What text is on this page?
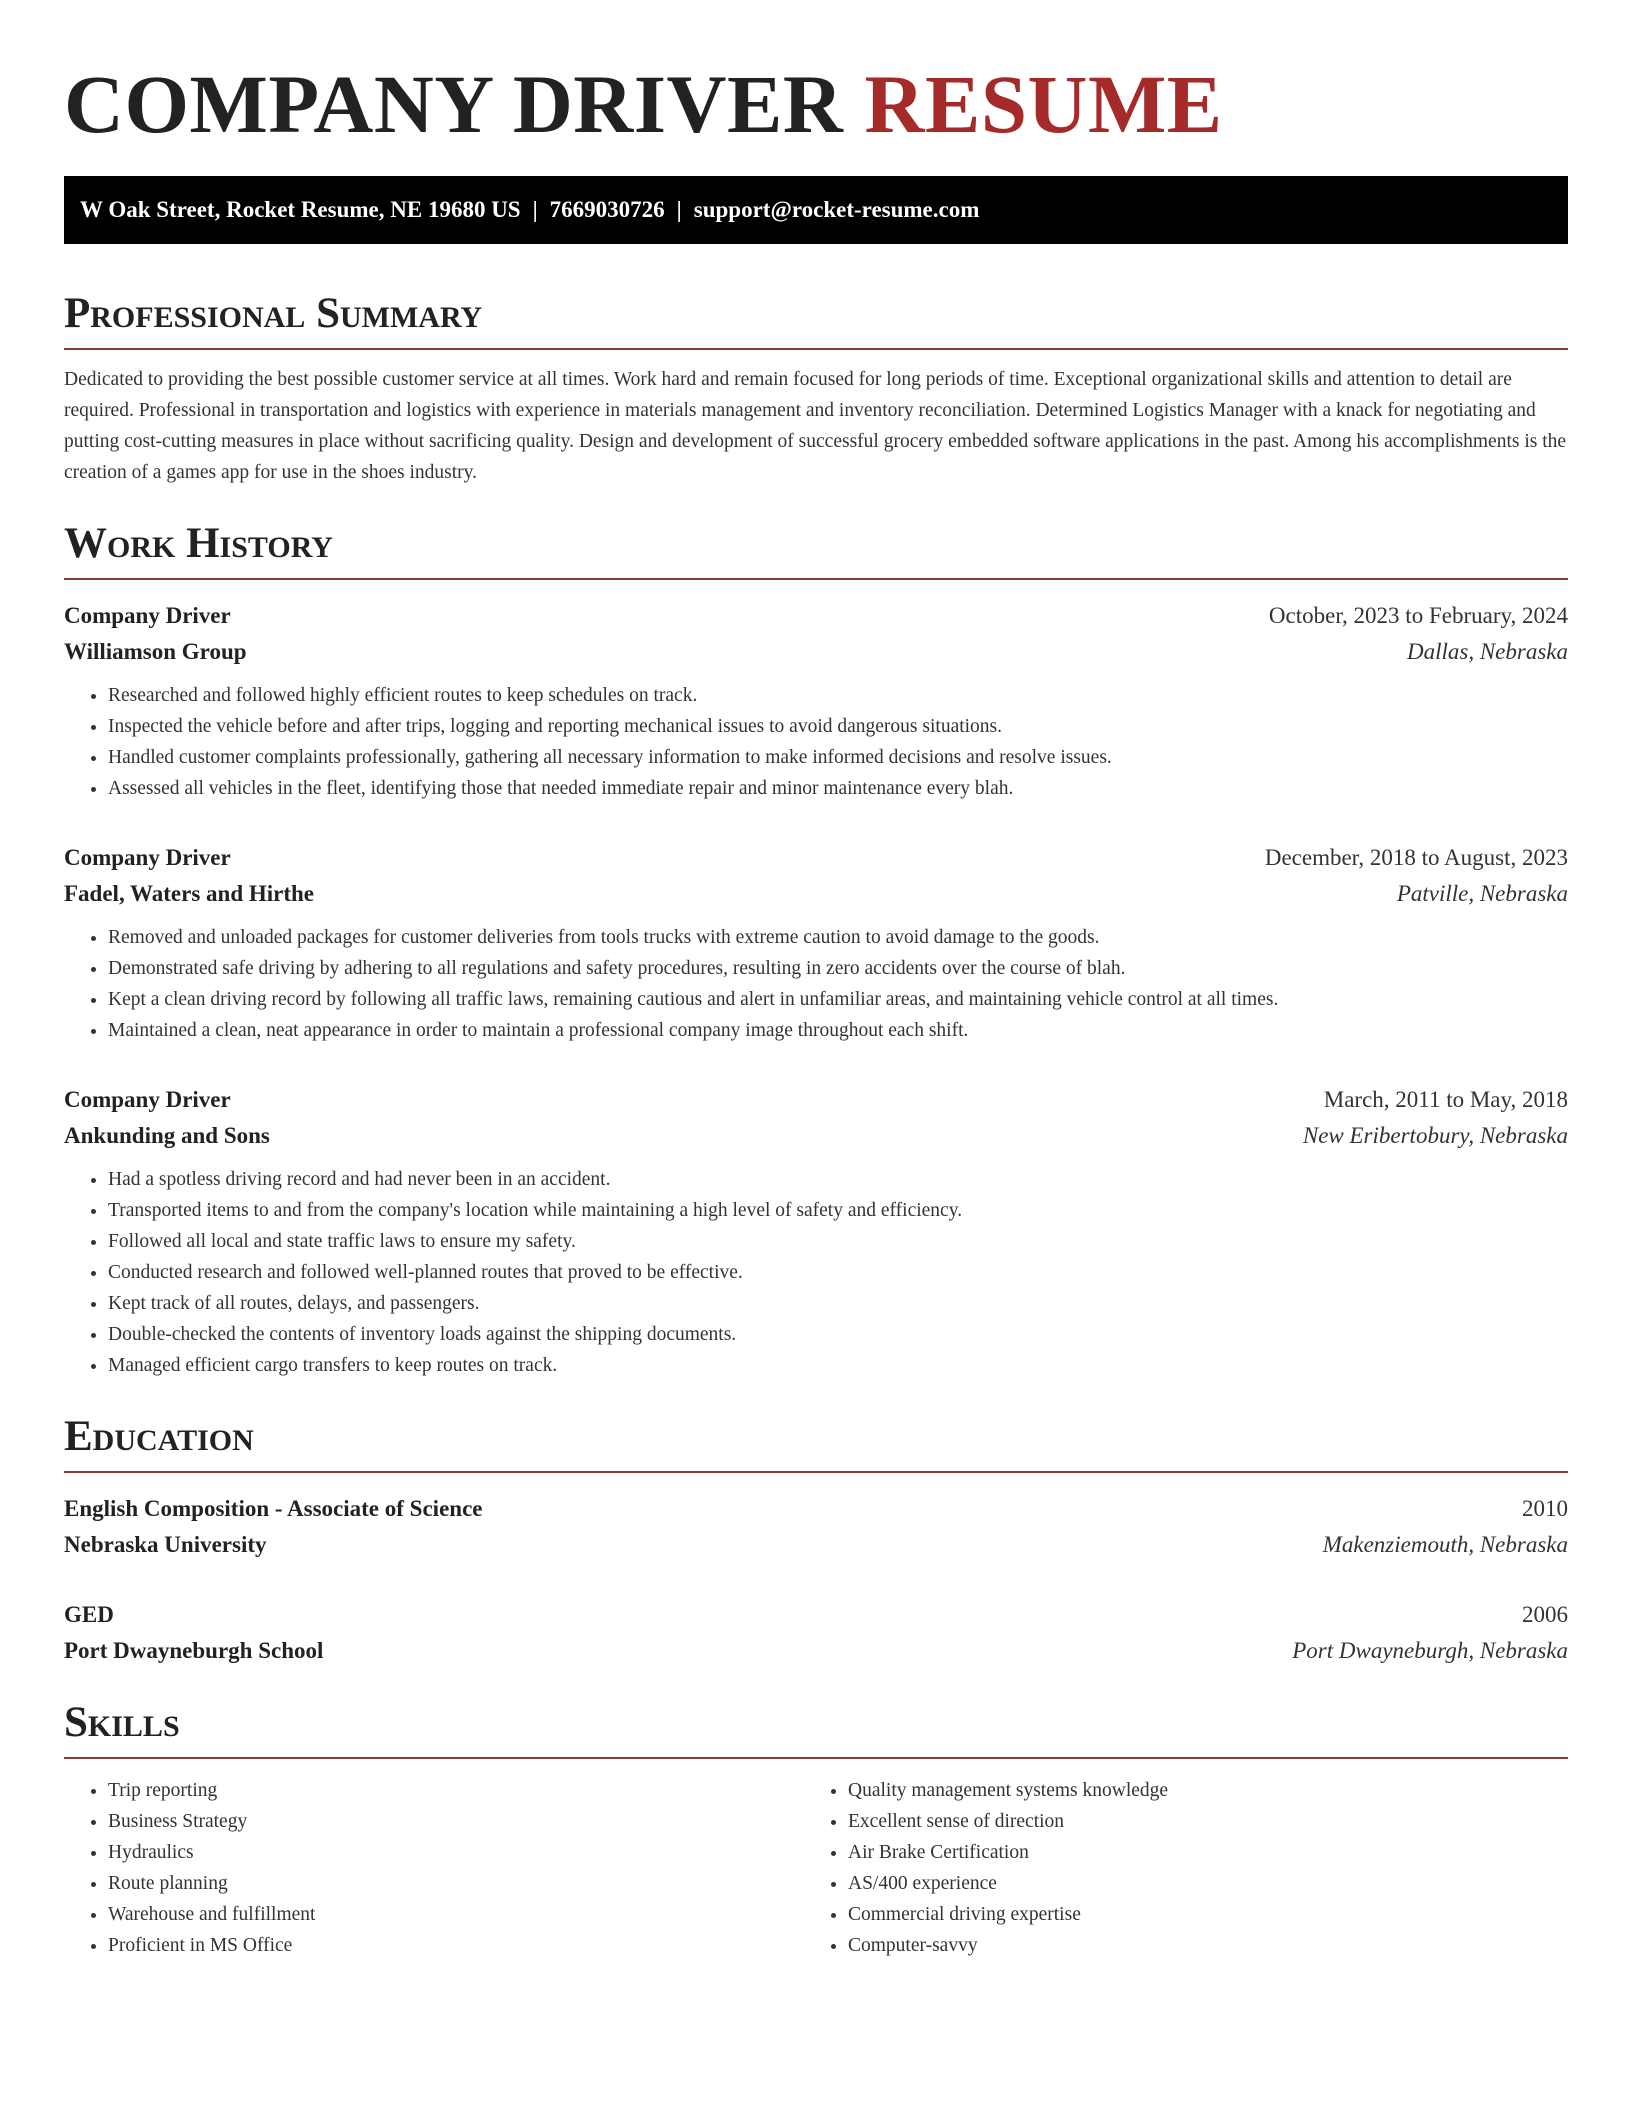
COMPANY DRIVER RESUME
W Oak Street, Rocket Resume, NE 19680 US | 7669030726 | support@rocket-resume.com
Professional Summary

Dedicated to providing the best possible customer service at all times. Work hard and remain focused for long periods of time. Exceptional organizational skills and attention to detail are required. Professional in transportation and logistics with experience in materials management and inventory reconciliation. Determined Logistics Manager with a knack for negotiating and putting cost-cutting measures in place without sacrificing quality. Design and development of successful grocery embedded software applications in the past. Among his accomplishments is the creation of a games app for use in the shoes industry.

Work History
Company Driver	October, 2023 to February, 2024
Williamson Group	Dallas, Nebraska
• Researched and followed highly efficient routes to keep schedules on track.
• Inspected the vehicle before and after trips, logging and reporting mechanical issues to avoid dangerous situations.
• Handled customer complaints professionally, gathering all necessary information to make informed decisions and resolve issues.
• Assessed all vehicles in the fleet, identifying those that needed immediate repair and minor maintenance every blah.
Company Driver	December, 2018 to August, 2023
Fadel, Waters and Hirthe	Patville, Nebraska
• Removed and unloaded packages for customer deliveries from tools trucks with extreme caution to avoid damage to the goods.
• Demonstrated safe driving by adhering to all regulations and safety procedures, resulting in zero accidents over the course of blah.
• Kept a clean driving record by following all traffic laws, remaining cautious and alert in unfamiliar areas, and maintaining vehicle control at all times.
• Maintained a clean, neat appearance in order to maintain a professional company image throughout each shift.
Company Driver	March, 2011 to May, 2018
Ankunding and Sons	New Eribertobury, Nebraska
• Had a spotless driving record and had never been in an accident.
• Transported items to and from the company's location while maintaining a high level of safety and efficiency.
• Followed all local and state traffic laws to ensure my safety.
• Conducted research and followed well-planned routes that proved to be effective.
• Kept track of all routes, delays, and passengers.
• Double-checked the contents of inventory loads against the shipping documents.
• Managed efficient cargo transfers to keep routes on track.
Education
English Composition - Associate of Science	2010
Nebraska University	Makenziemouth, Nebraska
GED	2006
Port Dwayneburgh School	Port Dwayneburgh, Nebraska
Skills
• Trip reporting
• Business Strategy
• Hydraulics
• Route planning
• Warehouse and fulfillment
• Proficient in MS Office
• Quality management systems knowledge
• Excellent sense of direction
• Air Brake Certification
• AS/400 experience
• Commercial driving expertise
• Computer-savvy
